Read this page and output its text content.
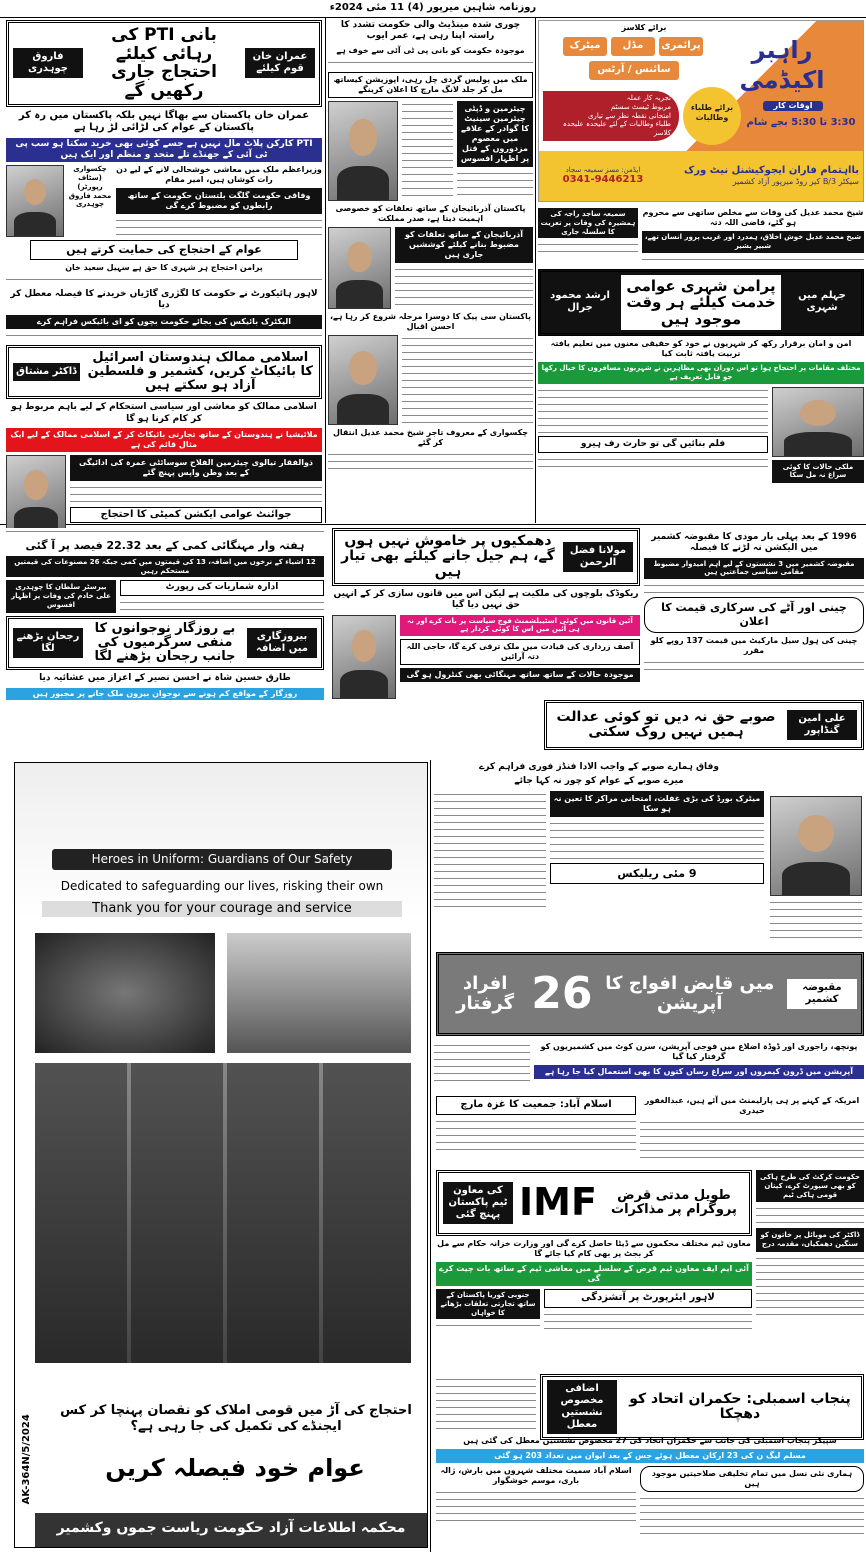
روزنامہ شاہین میرپور (4) 11 مئی 2024ء
عمران خان قوم کیلئے
بانی PTI کی رہائی کیلئے احتجاج جاری رکھیں گے
فاروق چوہدری
عمران خان پاکستان سے بھاگا نہیں بلکہ پاکستان میں رہ کر پاکستان کے عوام کی لڑائی لڑ رہا ہے
PTI کارکن پلاٹ مال نہیں ہے جسے کوئی بھی خرید سکتا ہو سب پی ٹی آئی کے جھنڈے تلے متحد و منظم اور ایک ہیں
وزیراعظم ملک میں معاشی خوشحالی لانے کے لیے دن رات کوشاں ہیں، امیر مقام
وفاقی حکومت گلگت بلتستان حکومت کے ساتھ رابطوں کو مضبوط کرے گی
چکسواری (سٹاف رپورٹر) محمد فاروق چوہدری
عوام کے احتجاج کی حمایت کرتے ہیں
پرامن احتجاج ہر شہری کا حق ہے سہیل سعید خان
لاہور ہائیکورٹ نے حکومت کا لگژری گاڑیاں خریدنے کا فیصلہ معطل کر دیا
الیکٹرک بائیکس کی بجائے حکومت بچوں کو ای بائیکس فراہم کرے
اسلامی ممالک ہندوستان اسرائیل کا بائیکاٹ کریں، کشمیر و فلسطین آزاد ہو سکتے ہیں
ڈاکٹر مشتاق
اسلامی ممالک کو معاشی اور سیاسی استحکام کے لیے باہم مربوط ہو کر کام کرنا ہو گا
ملائیشیا نے ہندوستان کے ساتھ تجارتی بائیکاٹ کر کے اسلامی ممالک کے لیے ایک مثال قائم کی ہے
ذوالفقار تیالوی چیئرمین الفلاح سوسائٹی عمرہ کی ادائیگی کے بعد وطن واپس پہنچ گئے
جوائنٹ عوامی ایکشن کمیٹی کا احتجاج
چوری شدہ مینڈیٹ والی حکومت تشدد کا راستہ اپنا رہی ہے، عمر ایوب
موجودہ حکومت کو بانی پی ٹی آئی سے خوف ہے
ملک میں پولیس گردی چل رہی، اپوزیشن کیساتھ مل کر جلد لانگ مارچ کا اعلان کرینگے
چیئرمین و ڈپٹی چیئرمین سینیٹ کا گوادر کے علاقے میں معصوم مزدوروں کے قتل پر اظہار افسوس
پاکستان آذربائیجان کے ساتھ تعلقات کو خصوصی اہمیت دیتا ہے، صدر مملکت
آذربائیجان کے ساتھ تعلقات کو مضبوط بنانے کیلئے کوششیں جاری ہیں
پاکستان سی پیک کا دوسرا مرحلہ شروع کر رہا ہے، احسن اقبال
چکسواری کے معروف تاجر شیخ محمد عدیل انتقال کر گئے
راہبر اکیڈمی
برائے کلاسز
پرائمری
مڈل
میٹرک
سائنس / آرٹس
برائے طلباء وطالبات
تجربہ کار عملہ
مربوط ٹیسٹ سسٹم
امتحانی نقطہ نظر سے تیاری
طلباء وطالبات کے لئے علیحدہ علیحدہ کلاسز
اوقات کار
3:30 تا 5:30 بجے شام
بااہتمام فاران ایجوکیشنل نیٹ ورک
سیکٹر B/3 کیر روڈ میرپور آزاد کشمیر
ایڈمن: مسز سمیعہ سجاد
0341-9446213
شیخ محمد عدیل کی وفات سے مخلص ساتھی سے محروم ہو گئے، قاضی اللہ دتہ
شیخ محمد عدیل خوش اخلاق، ہمدرد اور غریب پرور انسان تھے، شبیر بشیر
سمیعہ ساجد راجہ کی ہمشیرہ کی وفات پر تعزیت کا سلسلہ جاری
جہلم میں شہری
پرامن شہری عوامی خدمت کیلئے ہر وقت موجود ہیں
ارشد محمود جرال
امن و امان برقرار رکھ کر شہریوں نے خود کو حقیقی معنوں میں تعلیم یافتہ تربیت یافتہ ثابت کیا
مختلف مقامات پر احتجاج ہوا تو اس دوران بھی مظاہرین نے شہریوں مسافروں کا خیال رکھا جو قابل تعریف ہے
ملکی حالات کا کوئی سراغ نہ مل سکا
فلم بنائیں گی تو حارث رف ہیرو
ہفتہ وار مہنگائی کمی کے بعد 22.32 فیصد پر آ گئی
12 اشیاء کے نرخوں میں اضافہ، 13 کی قیمتوں میں کمی جبکہ 26 مصنوعات کی قیمتیں مستحکم رہیں
ادارہ شماریات کی رپورٹ
بیرسٹر سلطان کا چوہدری علی خادم کی وفات پر اظہار افسوس
بیروزگاری میں اضافہ
بے روزگار نوجوانوں کا منفی سرگرمیوں کی جانب رجحان بڑھنے لگا
رجحان بڑھنے لگا
طارق حسین شاہ نے احسن نصیر کے اعزاز میں عشائیہ دیا
روزگار کے مواقع کم ہونے سے نوجوان بیرون ملک جانے پر مجبور ہیں
مولانا فضل الرحمن
دھمکیوں پر خاموش نہیں ہوں گے، ہم جیل جانے کیلئے بھی تیار ہیں
ریکوڈک بلوچوں کی ملکیت ہے لیکن اس میں قانون سازی کر کے انہیں حق نہیں دیا گیا
آئین قانون میں کوئی اسٹیبلشمنٹ فوج سیاست پر بات کرے اور نہ ہی آئین میں اس کا کوئی کردار ہے
آصف زرداری کی قیادت میں ملک ترقی کرے گا، حاجی اللہ دتہ آرائیں
موجودہ حالات کے ساتھ ساتھ مہنگائی بھی کنٹرول ہو گی
1996 کے بعد پہلی بار مودی کا مقبوضہ کشمیر میں الیکشن نہ لڑنے کا فیصلہ
مقبوضہ کشمیر میں 3 نشستوں کے لیے اہم امیدوار مضبوط مقامی سیاسی جماعتیں ہیں
چینی اور آٹے کی سرکاری قیمت کا اعلان
چینی کی ہول سیل مارکیٹ میں قیمت 137 روپے کلو مقرر
علی امین گنڈاپور
صوبے حق نہ دیں تو کوئی عدالت ہمیں نہیں روک سکتی
Heroes in Uniform: Guardians of Our Safety
Dedicated to safeguarding our lives, risking their own
Thank you for your courage and service
احتجاج کی آڑ میں قومی املاک کو نقصان پہنچا کر کس ایجنڈے کی تکمیل کی جا رہی ہے؟
عوام خود فیصلہ کریں
محکمہ اطلاعات آزاد حکومت ریاست جموں وکشمیر
AK-364N/5/2024
وفاق ہمارے صوبے کے واجب الادا فنڈز فوری فراہم کرے
میرے صوبے کے عوام کو چور نہ کہا جائے
میٹرک بورڈ کی بڑی غفلت، امتحانی مراکز کا تعین نہ ہو سکا
9 مئی ریلیکس
مقبوضہ کشمیر
میں قابض افواج کا آپریشن
26
افراد گرفتار
پونچھ، راجوری اور ڈوڈہ اضلاع میں فوجی آپریشن، سرن کوٹ میں کشمیریوں کو گرفتار کیا گیا
آپریشن میں ڈرون کیمروں اور سراغ رساں کتوں کا بھی استعمال کیا جا رہا ہے
امریکہ کے کہنے پر ہی پارلیمنٹ میں آئے ہیں، عبدالغفور حیدری
اسلام آباد: جمعیت کا غزہ مارچ
طویل مدتی قرض پروگرام پر مذاکرات
IMF
کی معاون ٹیم پاکستان پہنچ گئی
معاون ٹیم مختلف محکموں سے ڈیٹا حاصل کرے گی اور وزارت خزانہ حکام سے مل کر بجٹ پر بھی کام کیا جائے گا
آئی ایم ایف معاون ٹیم قرض کے سلسلے میں معاشی ٹیم کے ساتھ بات چیت کرے گی
لاہور ایئرپورٹ پر آتشزدگی
جنوبی کوریا پاکستان کے ساتھ تجارتی تعلقات بڑھانے کا خواہاں
حکومت کرکٹ کی طرح ہاکی کو بھی سپورٹ کرے، کپتان قومی ہاکی ٹیم
ڈاکٹر کی موبائل پر خاتون کو سنگین دھمکیاں، مقدمہ درج
پنجاب اسمبلی: حکمران اتحاد کو دھچکا
اضافی مخصوص نشستیں معطل
سپیکر پنجاب اسمبلی کی جانب سے حکمران اتحاد کی 27 مخصوص نشستیں معطل کی گئی ہیں
مسلم لیگ ن کی 23 ارکان معطل ہوئے جس کے بعد ایوان میں تعداد 203 ہو گئی
ہماری نئی نسل میں تمام تخلیقی صلاحیتیں موجود ہیں
اسلام آباد سمیت مختلف شہروں میں بارش، ژالہ باری، موسم خوشگوار
